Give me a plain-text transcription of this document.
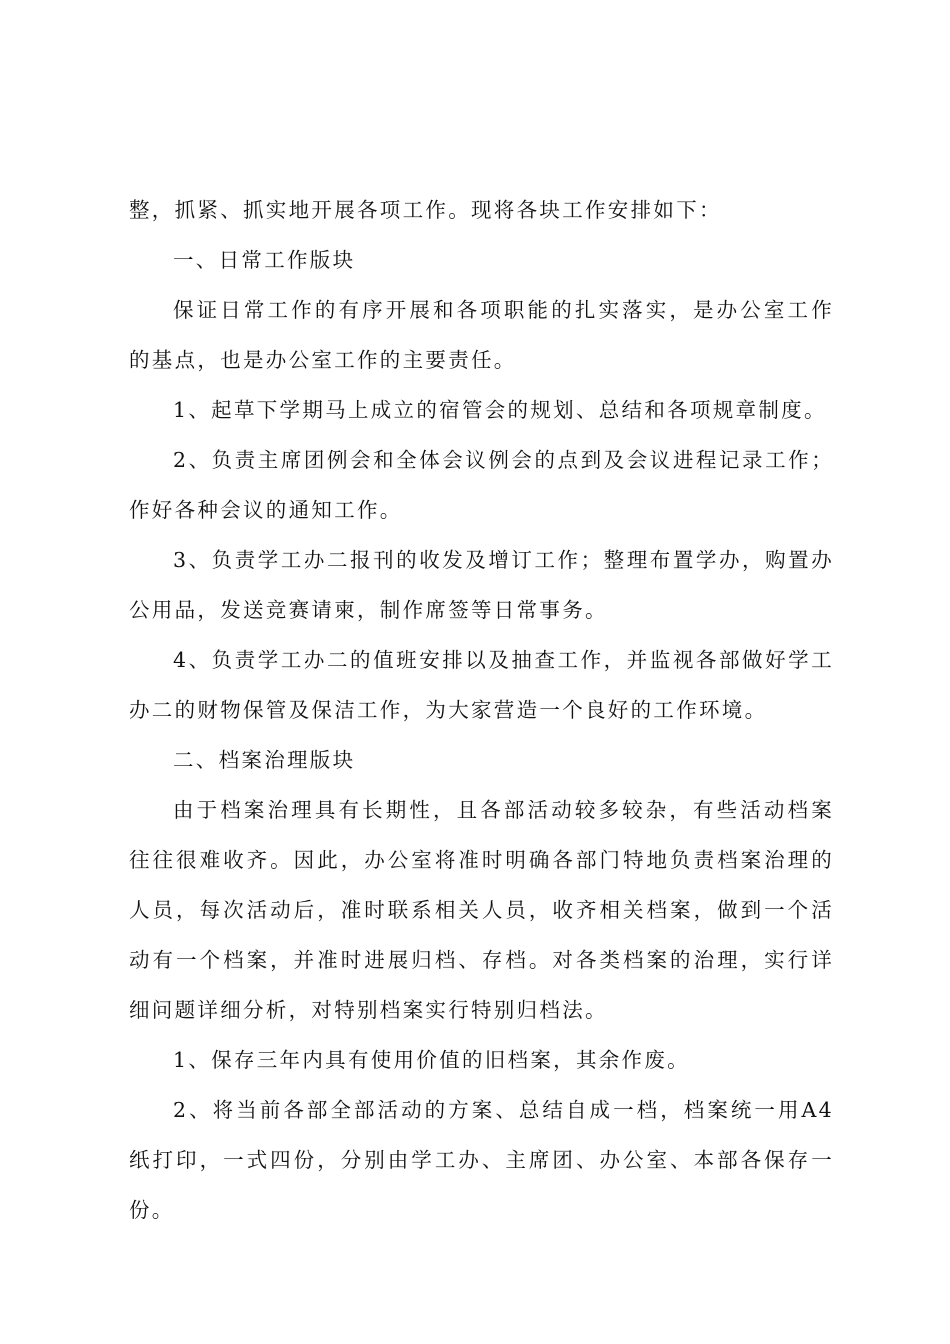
整，抓紧、抓实地开展各项工作。现将各块工作安排如下：

一、日常工作版块

保证日常工作的有序开展和各项职能的扎实落实，是办公室工作的基点，也是办公室工作的主要责任。

1、起草下学期马上成立的宿管会的规划、总结和各项规章制度。

2、负责主席团例会和全体会议例会的点到及会议进程记录工作；作好各种会议的通知工作。

3、负责学工办二报刊的收发及增订工作；整理布置学办，购置办公用品，发送竞赛请柬，制作席签等日常事务。

4、负责学工办二的值班安排以及抽查工作，并监视各部做好学工办二的财物保管及保洁工作，为大家营造一个良好的工作环境。

二、档案治理版块

由于档案治理具有长期性，且各部活动较多较杂，有些活动档案往往很难收齐。因此，办公室将准时明确各部门特地负责档案治理的人员，每次活动后，准时联系相关人员，收齐相关档案，做到一个活动有一个档案，并准时进展归档、存档。对各类档案的治理，实行详细问题详细分析，对特别档案实行特别归档法。

1、保存三年内具有使用价值的旧档案，其余作废。

2、将当前各部全部活动的方案、总结自成一档，档案统一用A4纸打印，一式四份，分别由学工办、主席团、办公室、本部各保存一份。
